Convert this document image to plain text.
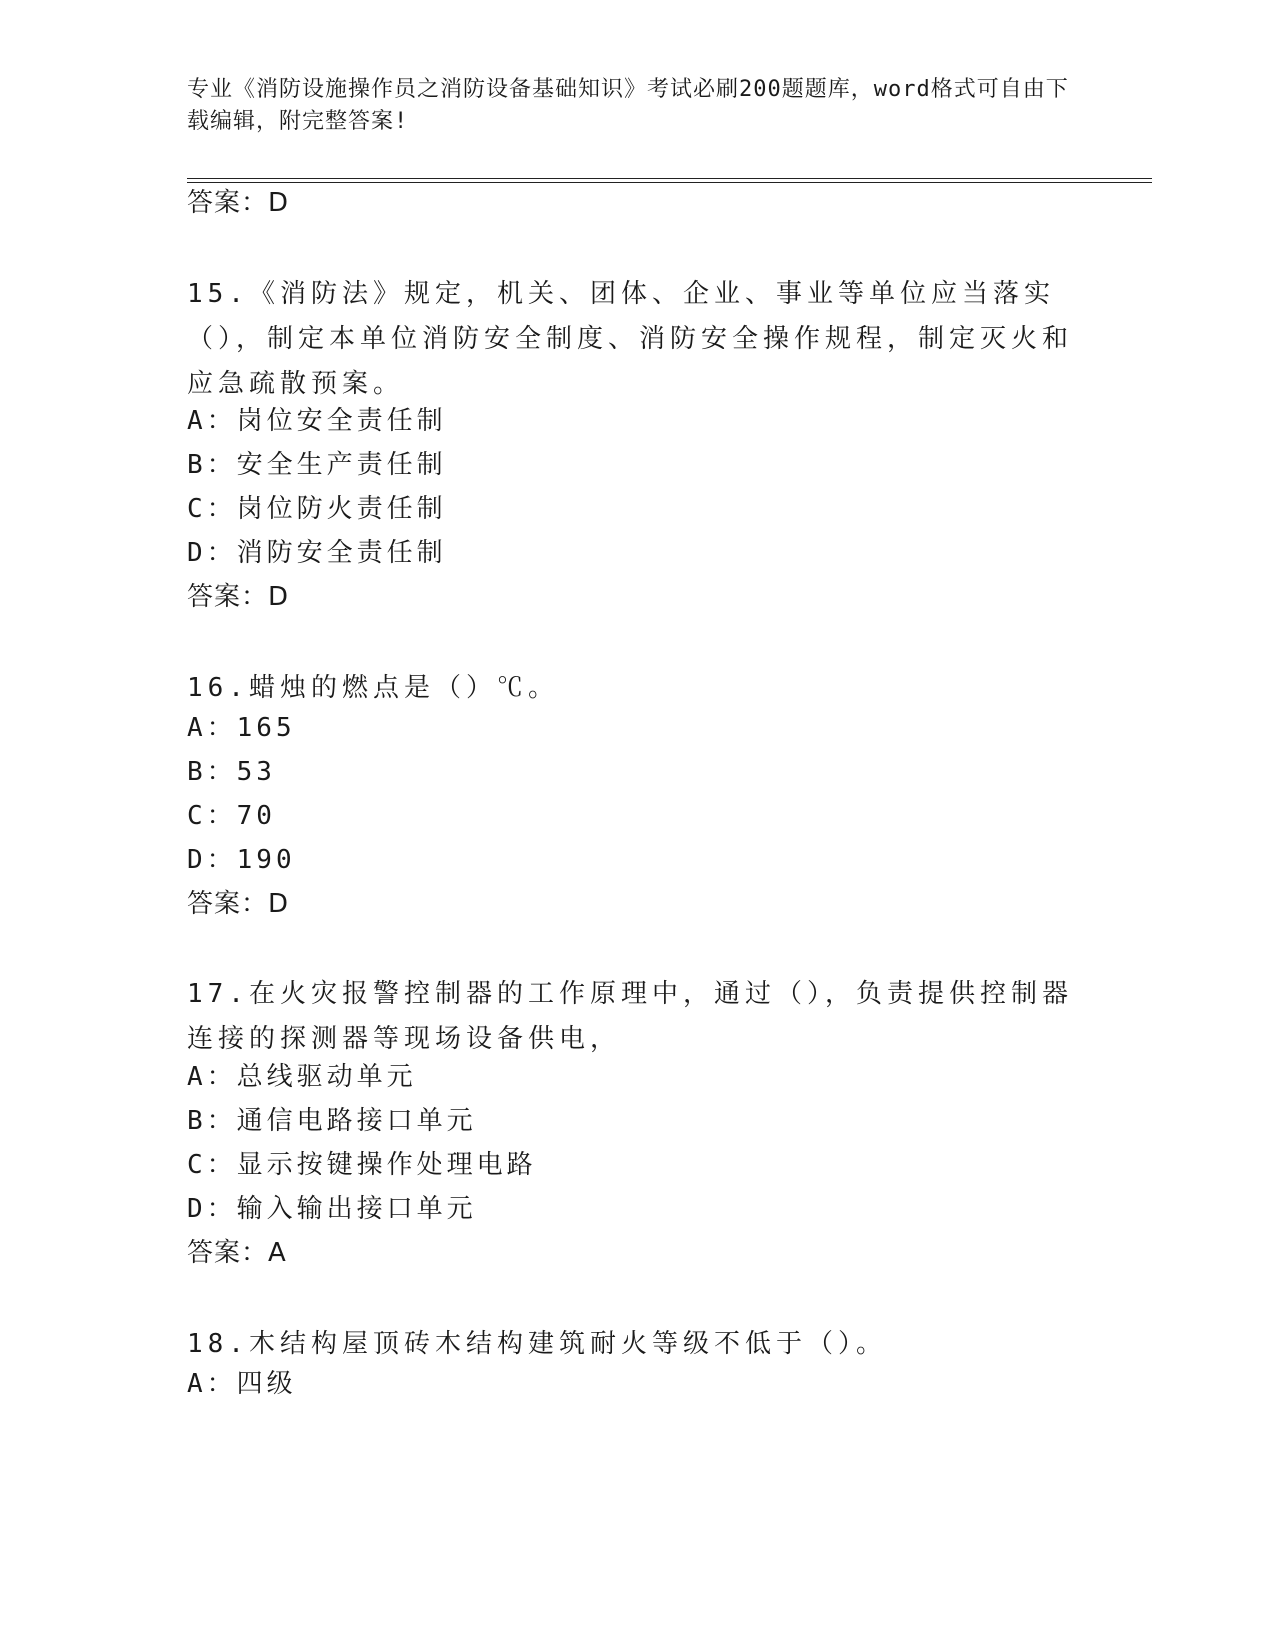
专业《消防设施操作员之消防设备基础知识》考试必刷200题题库，word格式可自由下载编辑，附完整答案!

答案：D

15.《消防法》规定，机关、团体、企业、事业等单位应当落实（），制定本单位消防安全制度、消防安全操作规程，制定灭火和应急疏散预案。

A：岗位安全责任制
B：安全生产责任制
C：岗位防火责任制
D：消防安全责任制
答案：D

16.蜡烛的燃点是（）℃。

A：165
B：53
C：70
D：190
答案：D

17.在火灾报警控制器的工作原理中，通过（），负责提供控制器连接的探测器等现场设备供电，

A：总线驱动单元
B：通信电路接口单元
C：显示按键操作处理电路
D：输入输出接口单元
答案：A

18.木结构屋顶砖木结构建筑耐火等级不低于（）。

A：四级
